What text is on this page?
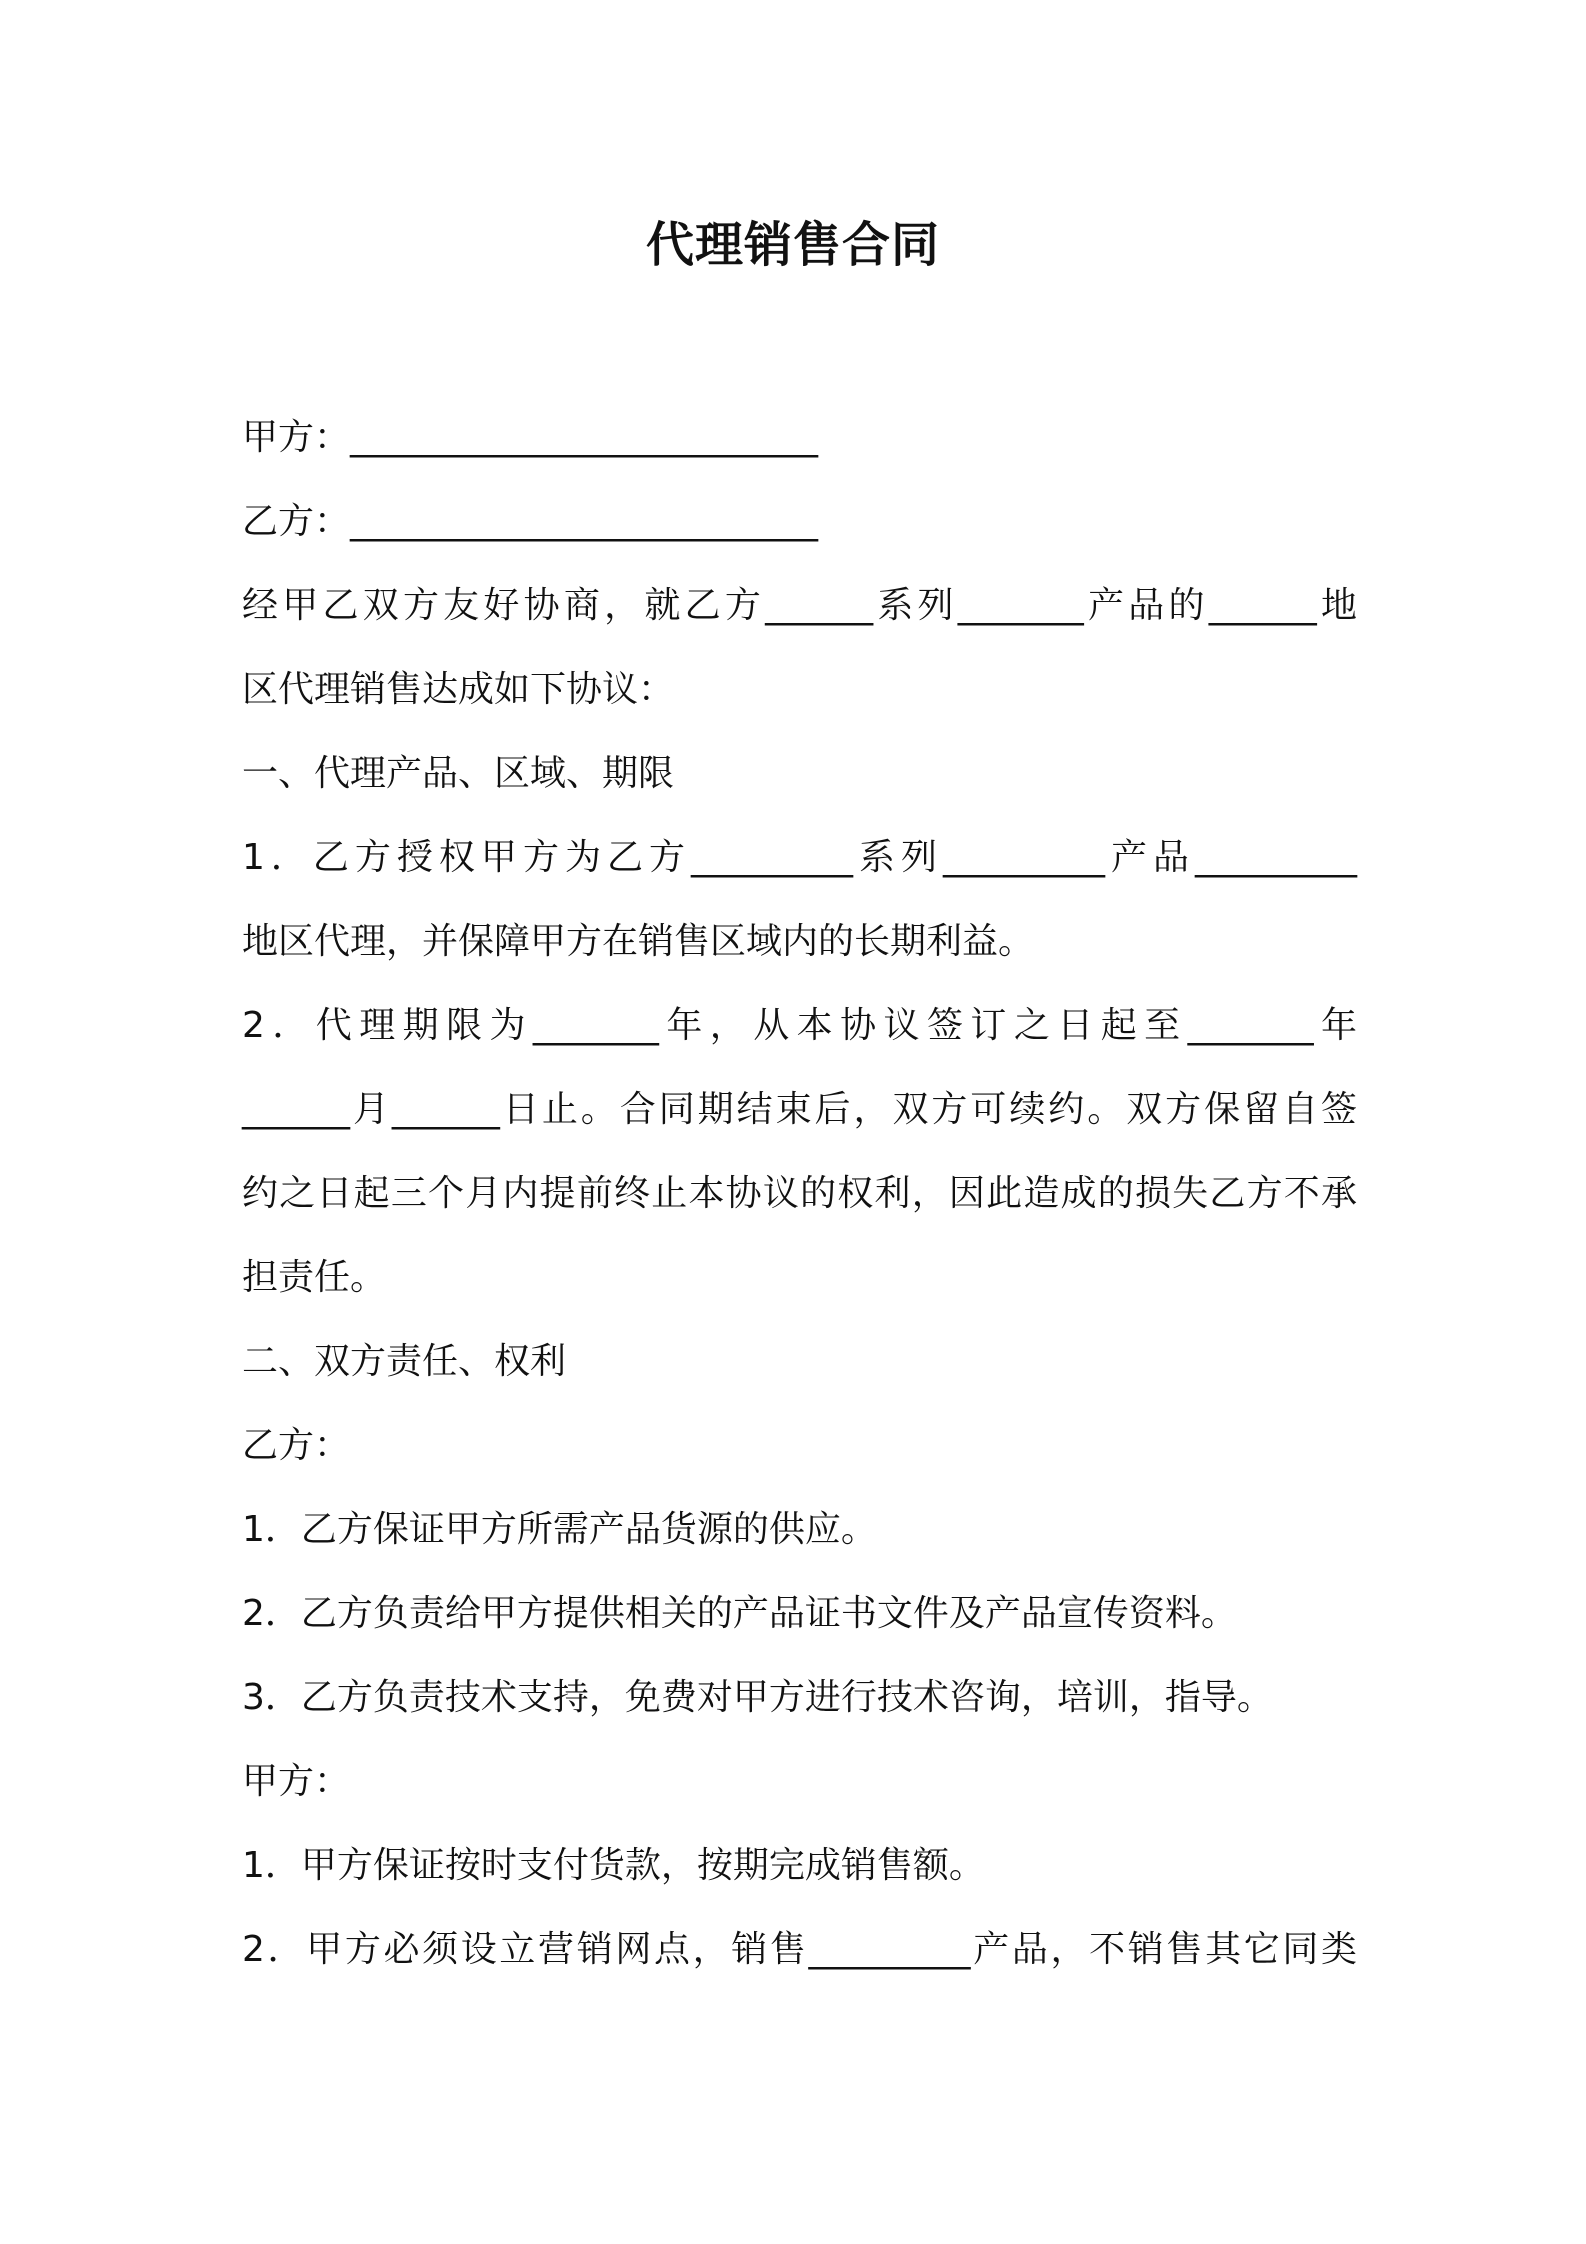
代理销售合同
甲方：__________________________
乙方：__________________________
经甲乙双方友好协商，就乙方______系列_______产品的______地
区代理销售达成如下协议：
一、代理产品、区域、期限
1．乙方授权甲方为乙方_________系列_________产品_________
地区代理，并保障甲方在销售区域内的长期利益。
2．代理期限为_______年，从本协议签订之日起至_______年
______月______日止。合同期结束后，双方可续约。双方保留自签
约之日起三个月内提前终止本协议的权利，因此造成的损失乙方不承
担责任。
二、双方责任、权利
乙方：
1．乙方保证甲方所需产品货源的供应。
2．乙方负责给甲方提供相关的产品证书文件及产品宣传资料。
3．乙方负责技术支持，免费对甲方进行技术咨询，培训，指导。
甲方：
1．甲方保证按时支付货款，按期完成销售额。
2．甲方必须设立营销网点，销售_________产品，不销售其它同类
